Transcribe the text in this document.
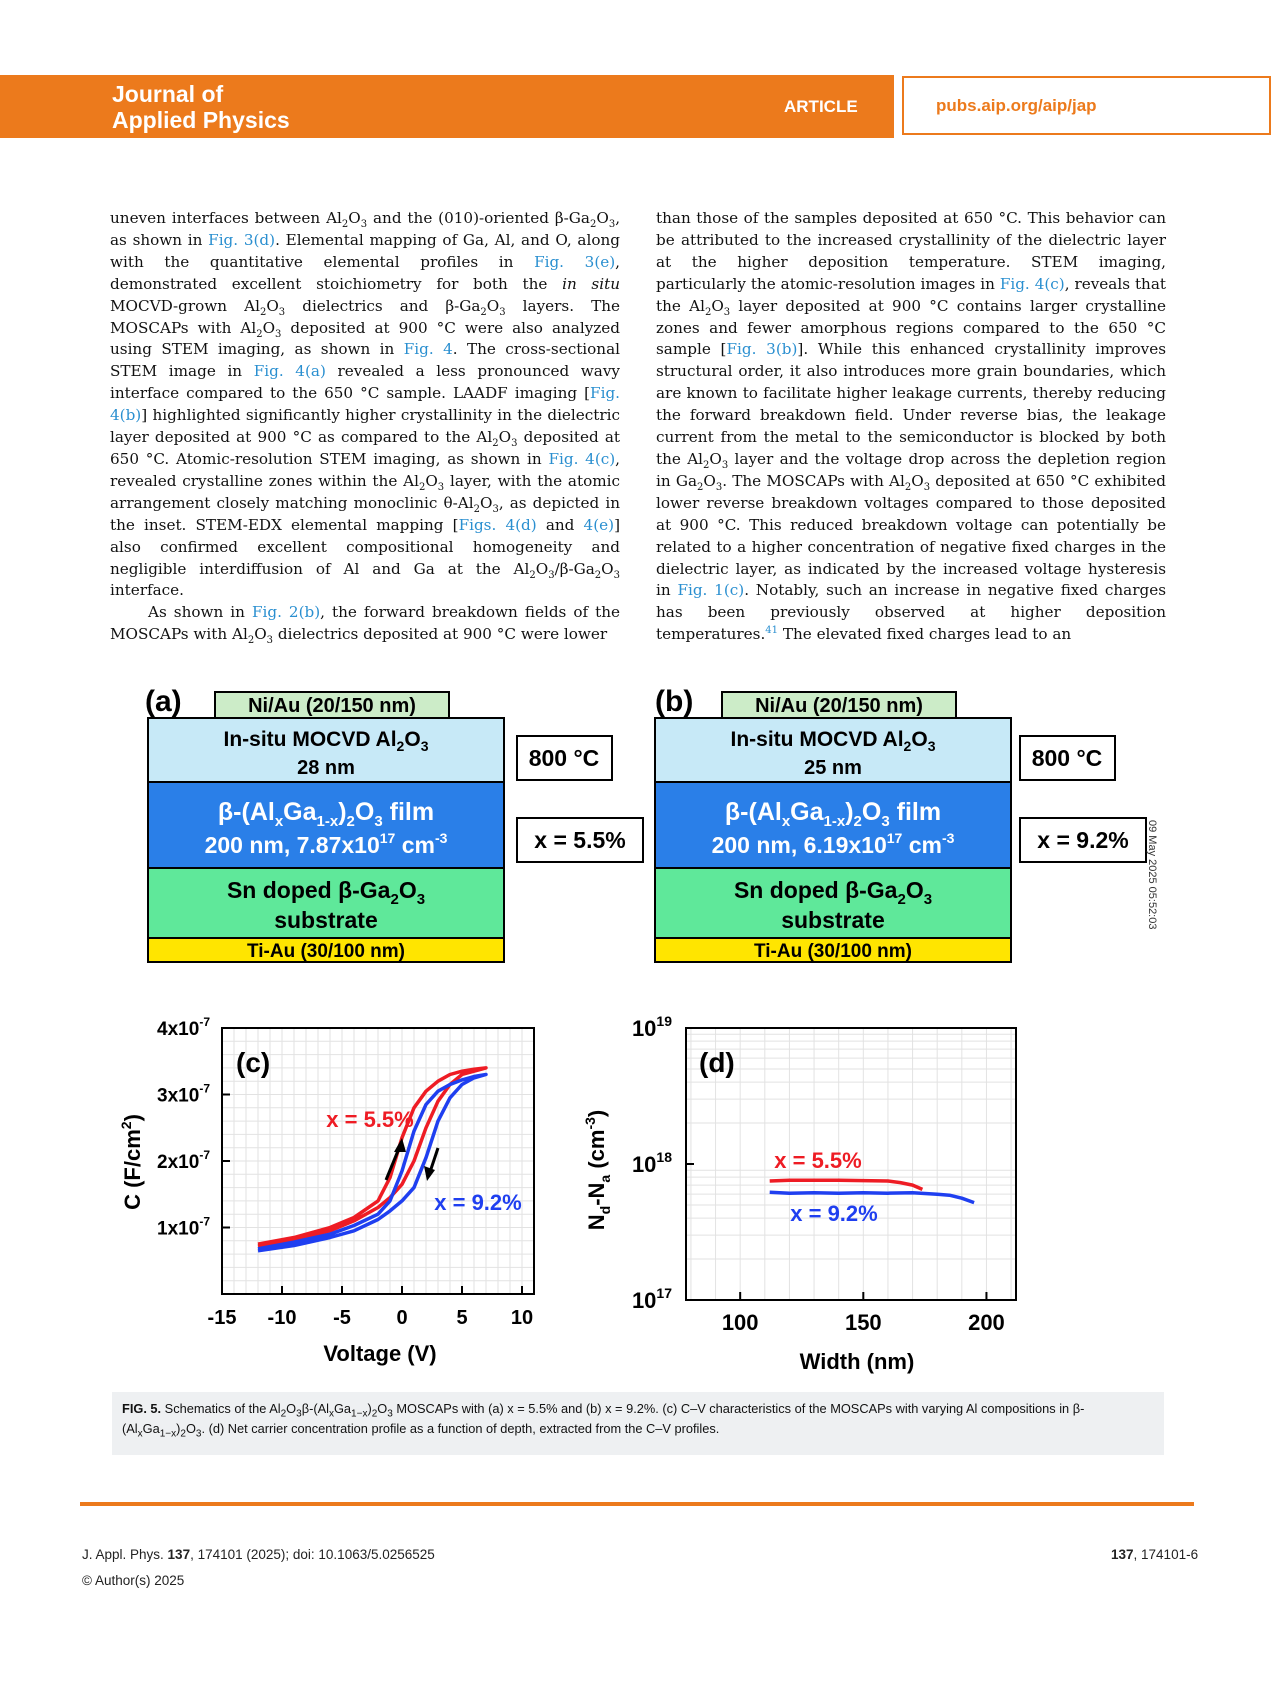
Journal of
Applied Physics
ARTICLE	pubs.aip.org/aip/jap

uneven interfaces between $Al_2O_3$ and the (010)-oriented $\beta-Ga_2O_3$, as shown in Fig. 3(d). Elemental mapping of Ga, Al, and O, along with the quantitative elemental profiles in Fig. 3(e), demonstrated excellent stoichiometry for both the in situ MOCVD-grown $Al_2O_3$ dielectrics and $\beta-Ga_2O_3$ layers. The MOSCAPs with $Al_2O_3$ deposited at 900 °C were also analyzed using STEM imaging, as shown in Fig. 4. The cross-sectional STEM image in Fig. 4(a) revealed a less pronounced wavy interface compared to the 650 °C sample. LAADF imaging [Fig. 4(b)] highlighted significantly higher crystallinity in the dielectric layer deposited at 900 °C as compared to the $Al_2O_3$ deposited at 650 °C. Atomic-resolution STEM imaging, as shown in Fig. 4(c), revealed crystalline zones within the $Al_2O_3$ layer, with the atomic arrangement closely matching monoclinic $\theta-Al_2O_3$, as depicted in the inset. STEM-EDX elemental mapping [Figs. 4(d) and 4(e)] also confirmed excellent compositional homogeneity and negligible interdiffusion of Al and Ga at the $Al_2O_3/\beta-Ga_2O_3$ interface.

As shown in Fig. 2(b), the forward breakdown fields of the MOSCAPs with $Al_2O_3$ dielectrics deposited at 900 °C were lower

than those of the samples deposited at 650 °C. This behavior can be attributed to the increased crystallinity of the dielectric layer at the higher deposition temperature. STEM imaging, particularly the atomic-resolution images in Fig. 4(c), reveals that the $Al_2O_3$ layer deposited at 900 °C contains larger crystalline zones and fewer amorphous regions compared to the 650 °C sample [Fig. 3(b)]. While this enhanced crystallinity improves structural order, it also introduces more grain boundaries, which are known to facilitate higher leakage currents, thereby reducing the forward breakdown field. Under reverse bias, the leakage current from the metal to the semiconductor is blocked by both the $Al_2O_3$ layer and the voltage drop across the depletion region in $Ga_2O_3$. The MOSCAPs with $Al_2O_3$ deposited at 650 °C exhibited lower reverse breakdown voltages compared to those deposited at 900 °C. This reduced breakdown voltage can potentially be related to a higher concentration of negative fixed charges in the dielectric layer, as indicated by the increased voltage hysteresis in Fig. 1(c). Notably, such an increase in negative fixed charges has been previously observed at higher deposition temperatures.$^{41}$ The elevated fixed charges lead to an

(a)	Ni/Au (20/150 nm)
In-situ MOCVD $Al_2O_3$
28 nm
$\beta-(Al_xGa_{1-x})_2O_3$ film
200 nm, $7.87x10^{17}$ $cm^{-3}$
Sn doped $\beta-Ga_2O_3$
substrate
Ti-Au (30/100 nm)
800 °C
x = 5.5%
(b)	Ni/Au (20/150 nm)
In-situ MOCVD $Al_2O_3$
25 nm
$\beta-(Al_xGa_{1-x})_2O_3$ film
200 nm, $6.19x10^{17}$ $cm^{-3}$
Sn doped $\beta-Ga_2O_3$
substrate
Ti-Au (30/100 nm)
800 °C
x = 9.2%
-15 -10 -5 0 5 10
$1x10^{-7}$
$2x10^{-7}$
$3x10^{-7}$
$4x10^{-7}$
(c)
x = 5.5%
x = 9.2%
Voltage (V)
C $(F/cm^2)$
100	150	200
$10^{17}$
$10^{18}$
$10^{19}$
(d)
x = 5.5%
x = 9.2%
Width (nm)
$N_d-N_a$ $(cm^{-3})$
09 May 2025 05:52:03
FIG. 5. Schematics of the $Al_2O_3\beta-(Al_xGa_{1-x})_2O_3$ MOSCAPs with (a) x = 5.5% and (b) x = 9.2%. (c) C–V characteristics of the MOSCAPs with varying Al compositions in $\beta-(Al_xGa_{1-x})_2O_3$. (d) Net carrier concentration profile as a function of depth, extracted from the C–V profiles.
J. Appl. Phys. 137, 174101 (2025); doi: 10.1063/5.0256525
© Author(s) 2025
137, 174101-6
